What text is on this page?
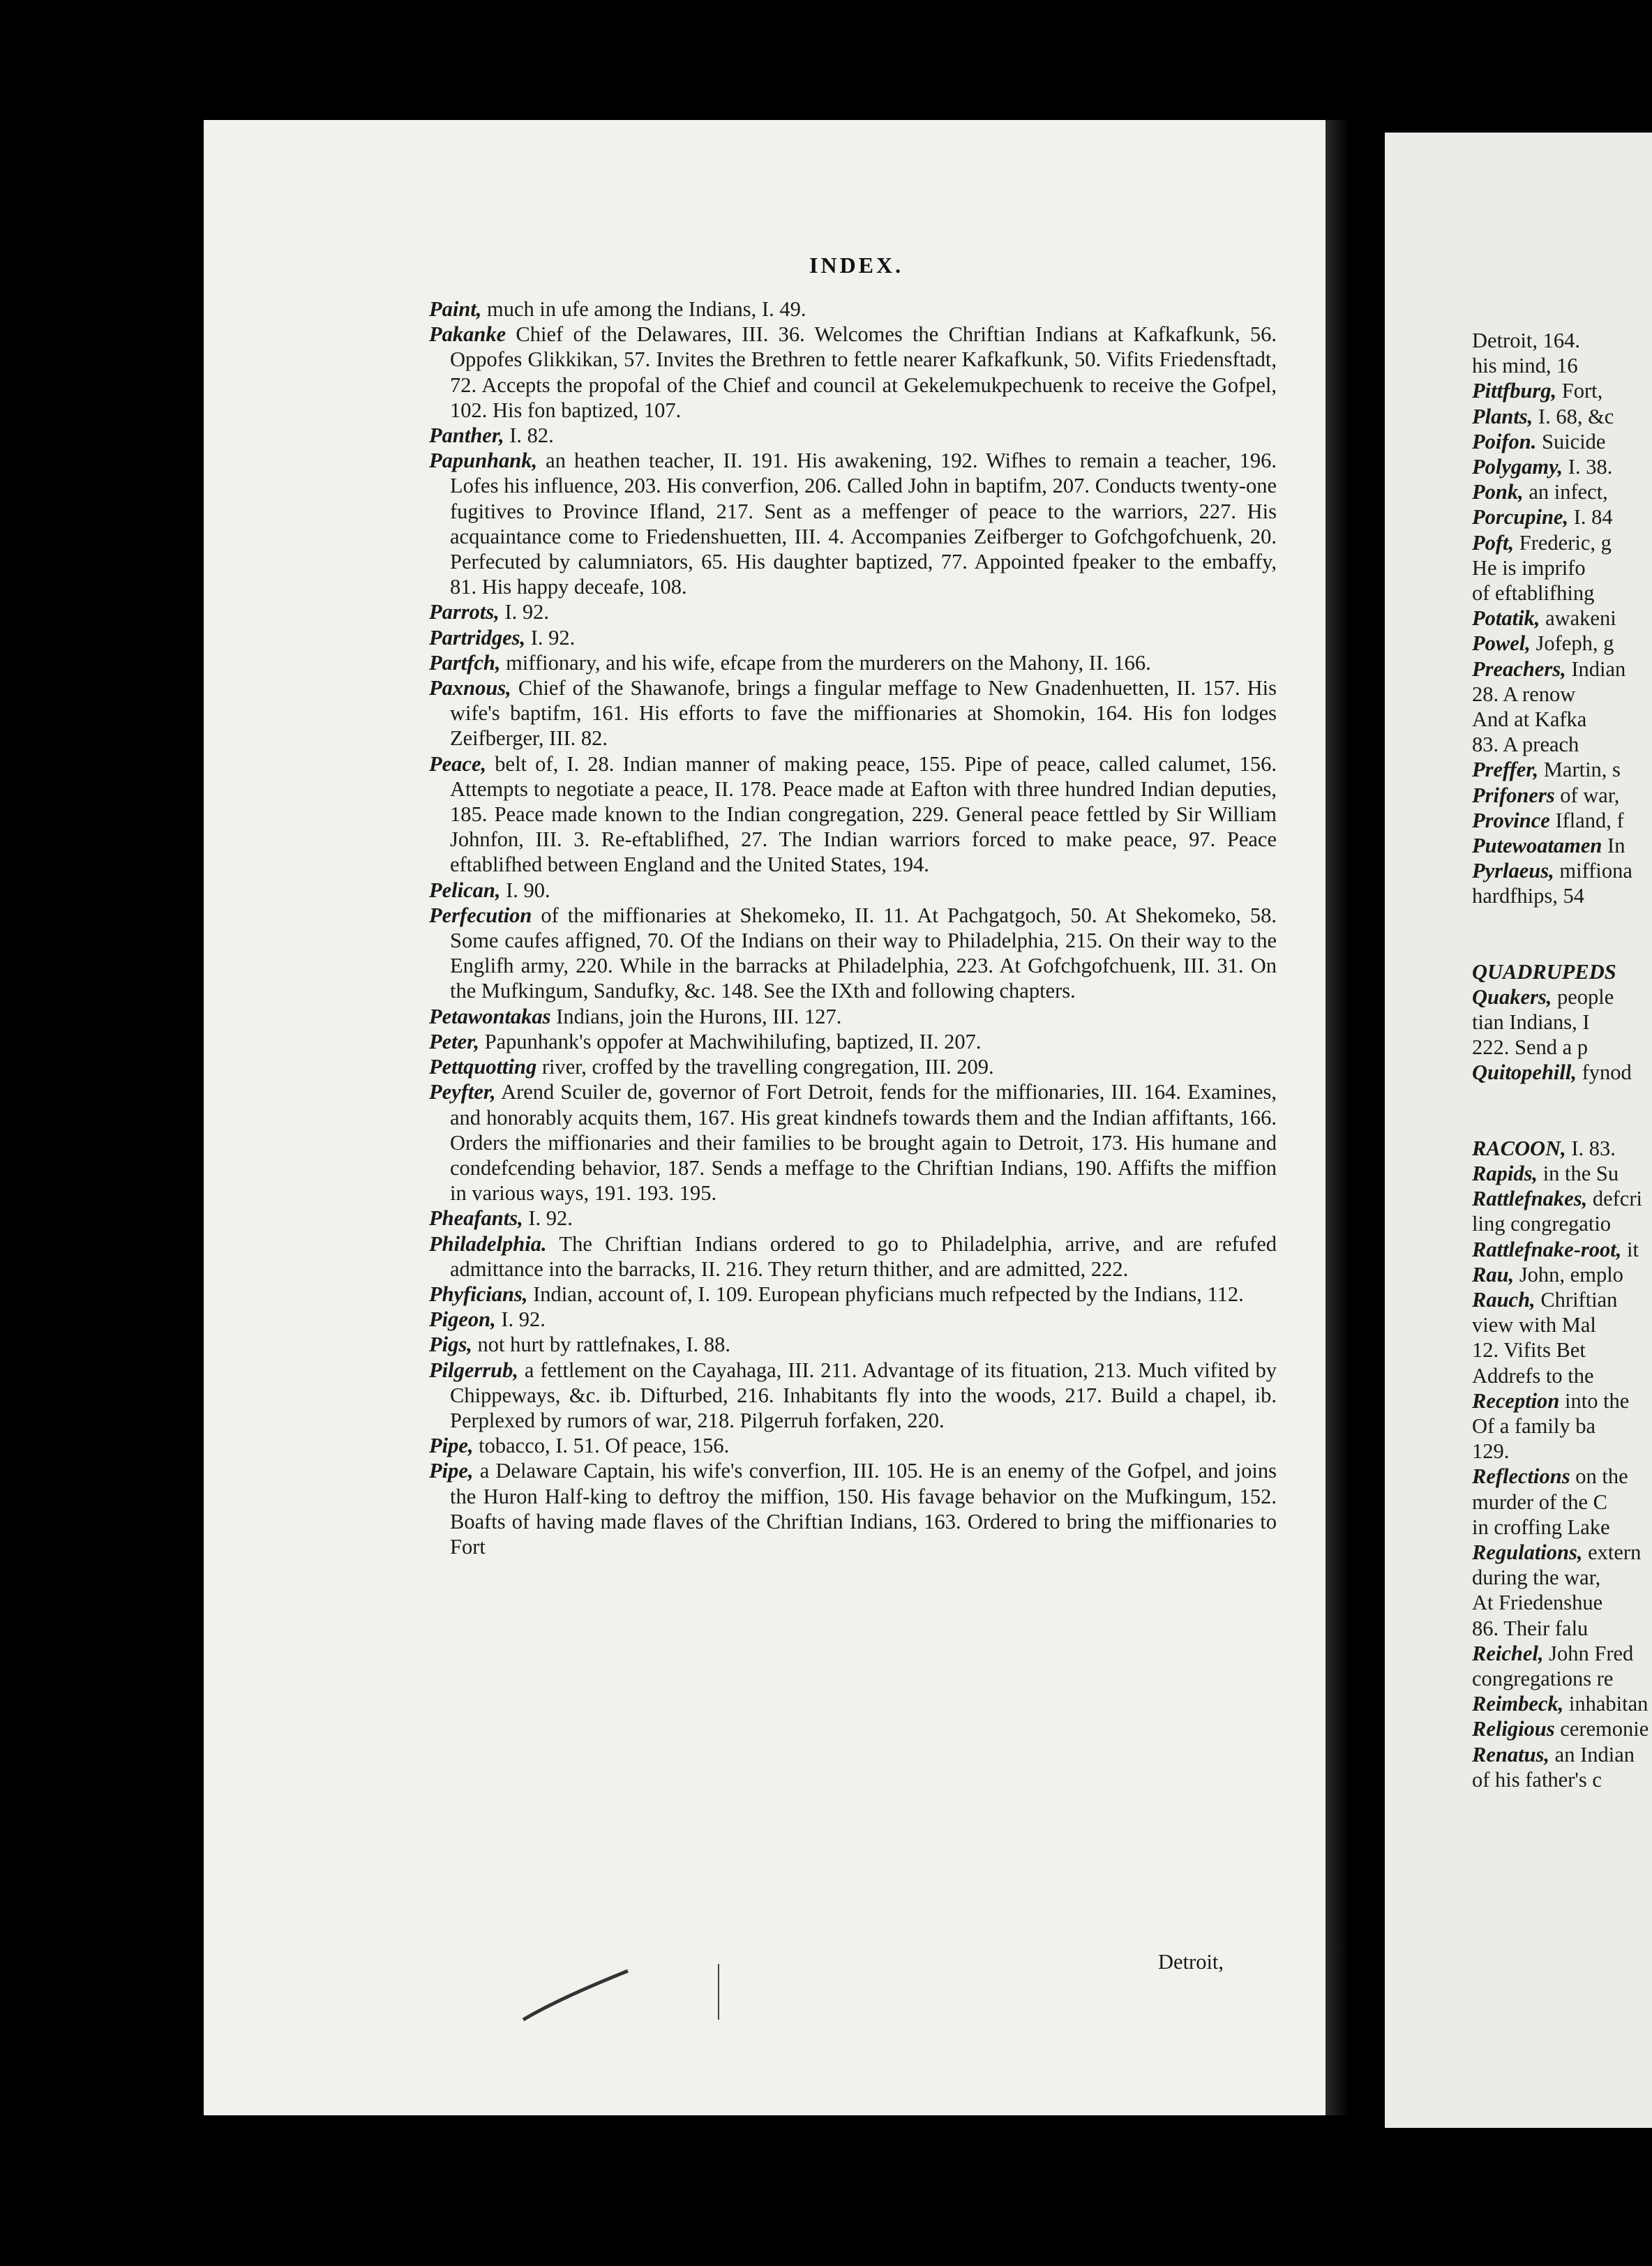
INDEX.
Paint, much in ufe among the Indians, I. 49.
Pakanke Chief of the Delawares, III. 36. Welcomes the Chriftian Indians at Kafkafkunk, 56. Oppofes Glikkikan, 57. Invites the Brethren to fettle nearer Kafkafkunk, 50. Vifits Friedensftadt, 72. Accepts the propofal of the Chief and council at Gekelemukpechuenk to receive the Gofpel, 102. His fon baptized, 107.
Panther, I. 82.
Papunhank, an heathen teacher, II. 191. His awakening, 192. Wifhes to remain a teacher, 196. Lofes his influence, 203. His converfion, 206. Called John in baptifm, 207. Conducts twenty-one fugitives to Province Ifland, 217. Sent as a meffenger of peace to the warriors, 227. His acquaintance come to Friedenshuetten, III. 4. Accompanies Zeifberger to Gofchgofchuenk, 20. Perfecuted by calumniators, 65. His daughter baptized, 77. Appointed fpeaker to the embaffy, 81. His happy deceafe, 108.
Parrots, I. 92.
Partridges, I. 92.
Partfch, miffionary, and his wife, efcape from the murderers on the Mahony, II. 166.
Paxnous, Chief of the Shawanofe, brings a fingular meffage to New Gnadenhuetten, II. 157. His wife's baptifm, 161. His efforts to fave the miffionaries at Shomokin, 164. His fon lodges Zeifberger, III. 82.
Peace, belt of, I. 28. Indian manner of making peace, 155. Pipe of peace, called calumet, 156. Attempts to negotiate a peace, II. 178. Peace made at Eafton with three hundred Indian deputies, 185. Peace made known to the Indian congregation, 229. General peace fettled by Sir William Johnfon, III. 3. Re-eftablifhed, 27. The Indian warriors forced to make peace, 97. Peace eftablifhed between England and the United States, 194.
Pelican, I. 90.
Perfecution of the miffionaries at Shekomeko, II. 11. At Pachgatgoch, 50. At Shekomeko, 58. Some caufes affigned, 70. Of the Indians on their way to Philadelphia, 215. On their way to the Englifh army, 220. While in the barracks at Philadelphia, 223. At Gofchgofchuenk, III. 31. On the Mufkingum, Sandufky, &c. 148. See the IXth and following chapters.
Petawontakas Indians, join the Hurons, III. 127.
Peter, Papunhank's oppofer at Machwihilufing, baptized, II. 207.
Pettquotting river, croffed by the travelling congregation, III. 209.
Peyfter, Arend Scuiler de, governor of Fort Detroit, fends for the miffionaries, III. 164. Examines, and honorably acquits them, 167. His great kindnefs towards them and the Indian affiftants, 166. Orders the miffionaries and their families to be brought again to Detroit, 173. His humane and condefcending behavior, 187. Sends a meffage to the Chriftian Indians, 190. Affifts the miffion in various ways, 191. 193. 195.
Pheafants, I. 92.
Philadelphia. The Chriftian Indians ordered to go to Philadelphia, arrive, and are refufed admittance into the barracks, II. 216. They return thither, and are admitted, 222.
Phyficians, Indian, account of, I. 109. European phyficians much refpected by the Indians, 112.
Pigeon, I. 92.
Pigs, not hurt by rattlefnakes, I. 88.
Pilgerrub, a fettlement on the Cayahaga, III. 211. Advantage of its fituation, 213. Much vifited by Chippeways, &c. ib. Difturbed, 216. Inhabitants fly into the woods, 217. Build a chapel, ib. Perplexed by rumors of war, 218. Pilgerruh forfaken, 220.
Pipe, tobacco, I. 51. Of peace, 156.
Pipe, a Delaware Captain, his wife's converfion, III. 105. He is an enemy of the Gofpel, and joins the Huron Half-king to deftroy the miffion, 150. His favage behavior on the Mufkingum, 152. Boafts of having made flaves of the Chriftian Indians, 163. Ordered to bring the miffionaries to Fort
Detroit,
Detroit, 164.
his mind, 16
Pittfburg, Fort,
Plants, I. 68, &c
Poifon. Suicide
Polygamy, I. 38.
Ponk, an infect,
Porcupine, I. 84
Poft, Frederic, g
He is imprifo
of eftablifhing
Potatik, awakeni
Powel, Jofeph, g
Preachers, Indian
28. A renow
And at Kafka
83. A preach
Preffer, Martin, s
Prifoners of war,
Province Ifland, f
Putewoatamen In
Pyrlaeus, miffiona
hardfhips, 54
QUADRUPEDS
Quakers, people
tian Indians, I
222. Send a p
Quitopehill, fynod
RACOON, I. 83.
Rapids, in the Su
Rattlefnakes, defcri
ling congregatio
Rattlefnake-root, it
Rau, John, emplo
Rauch, Chriftian
view with Mal
12. Vifits Bet
Addrefs to the
Reception into the
Of a family ba
129.
Reflections on the
murder of the C
in croffing Lake
Regulations, extern
during the war,
At Friedenshue
86. Their falu
Reichel, John Fred
congregations re
Reimbeck, inhabitan
Religious ceremonie
Renatus, an Indian
of his father's c
